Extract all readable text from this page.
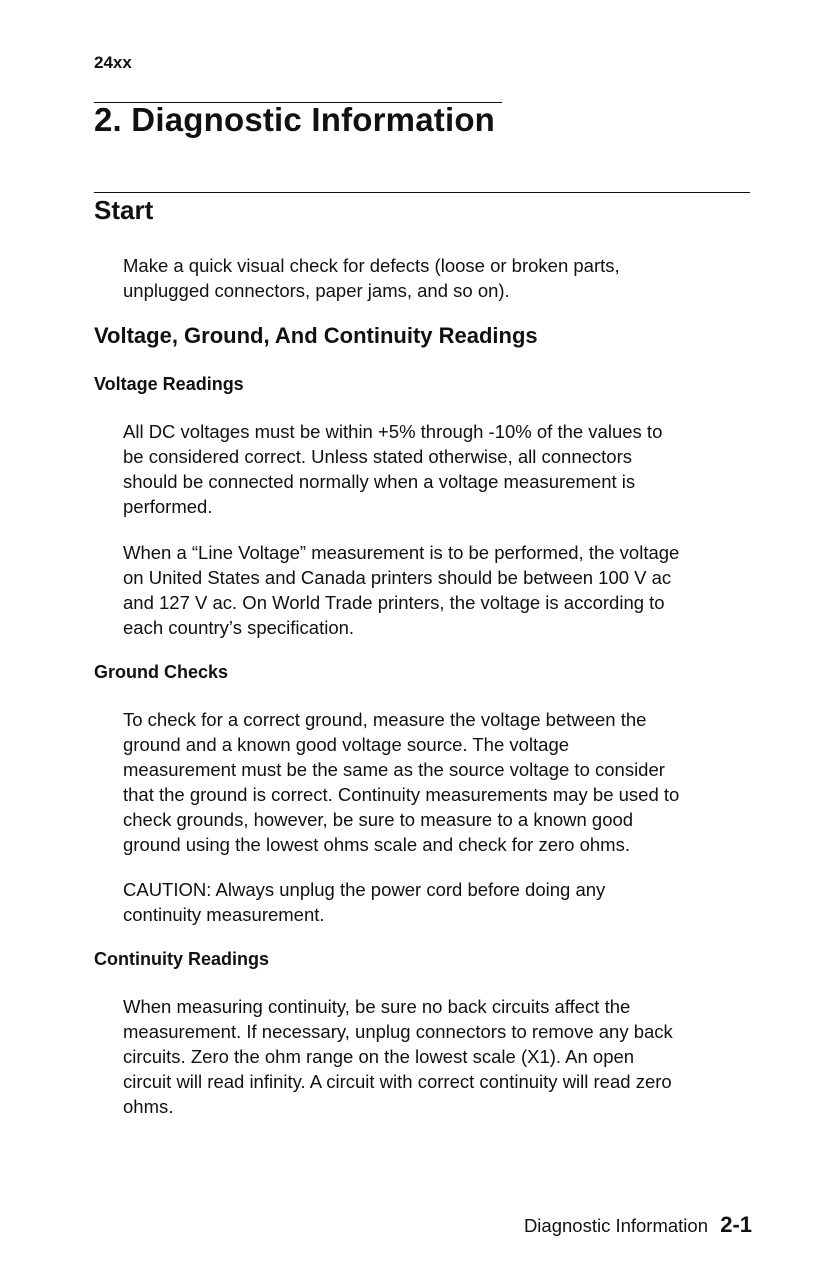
24xx
2. Diagnostic Information
Start
Make a quick visual check for defects (loose or broken parts,
unplugged connectors, paper jams, and so on).
Voltage, Ground, And Continuity Readings
Voltage Readings
All DC voltages must be within +5% through -10% of the values to
be considered correct. Unless stated otherwise, all connectors
should be connected normally when a voltage measurement is
performed.
When a “Line Voltage” measurement is to be performed, the voltage
on United States and Canada printers should be between 100 V ac
and 127 V ac. On World Trade printers, the voltage is according to
each country’s specification.
Ground Checks
To check for a correct ground, measure the voltage between the
ground and a known good voltage source. The voltage
measurement must be the same as the source voltage to consider
that the ground is correct. Continuity measurements may be used to
check grounds, however, be sure to measure to a known good
ground using the lowest ohms scale and check for zero ohms.
CAUTION: Always unplug the power cord before doing any
continuity measurement.
Continuity Readings
When measuring continuity, be sure no back circuits affect the
measurement. If necessary, unplug connectors to remove any back
circuits. Zero the ohm range on the lowest scale (X1). An open
circuit will read infinity. A circuit with correct continuity will read zero
ohms.
Diagnostic Information 2-1
